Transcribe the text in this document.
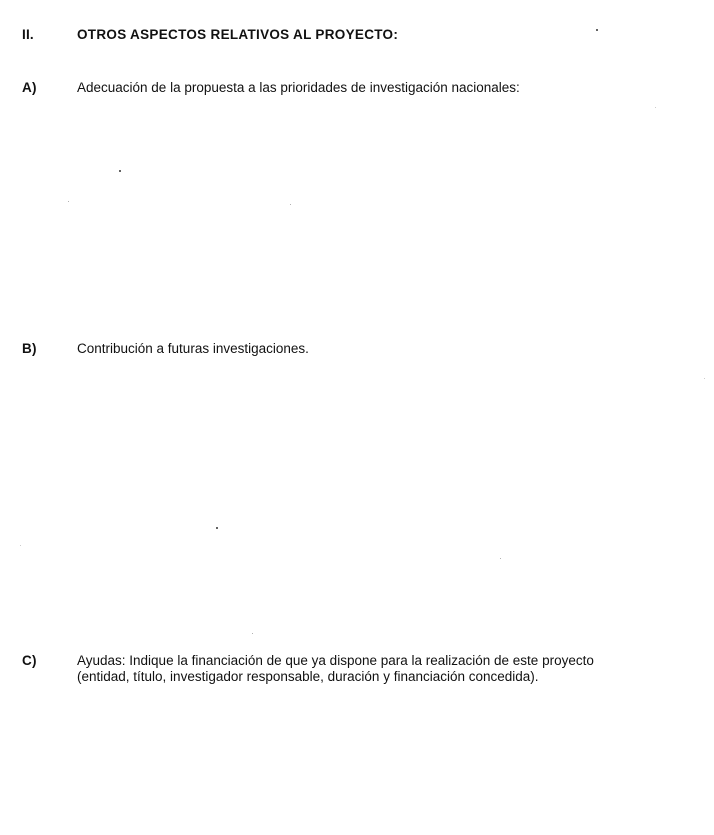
II.	OTROS ASPECTOS RELATIVOS AL PROYECTO:
A)	Adecuación de la propuesta a las prioridades de investigación nacionales:
B)	Contribución a futuras investigaciones.
C)	Ayudas: Indique la financiación de que ya dispone para la realización de este proyecto
(entidad, título, investigador responsable, duración y financiación concedida).
